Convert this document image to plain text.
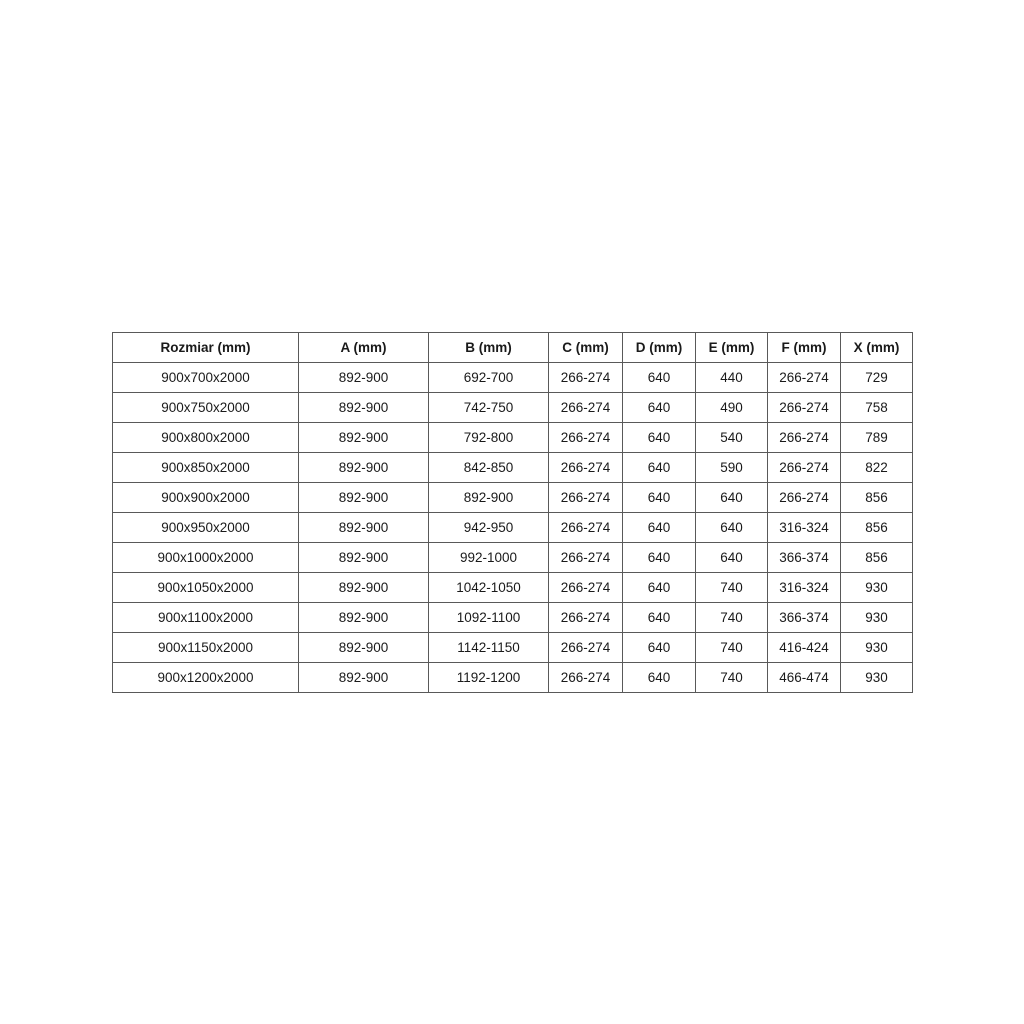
Rozmiar (mm)	A (mm)	B (mm)	C (mm)	D (mm)	E (mm)	F (mm)	X (mm)
900x700x2000	892-900	692-700	266-274	640	440	266-274	729
900x750x2000	892-900	742-750	266-274	640	490	266-274	758
900x800x2000	892-900	792-800	266-274	640	540	266-274	789
900x850x2000	892-900	842-850	266-274	640	590	266-274	822
900x900x2000	892-900	892-900	266-274	640	640	266-274	856
900x950x2000	892-900	942-950	266-274	640	640	316-324	856
900x1000x2000	892-900	992-1000	266-274	640	640	366-374	856
900x1050x2000	892-900	1042-1050	266-274	640	740	316-324	930
900x1100x2000	892-900	1092-1100	266-274	640	740	366-374	930
900x1150x2000	892-900	1142-1150	266-274	640	740	416-424	930
900x1200x2000	892-900	1192-1200	266-274	640	740	466-474	930
